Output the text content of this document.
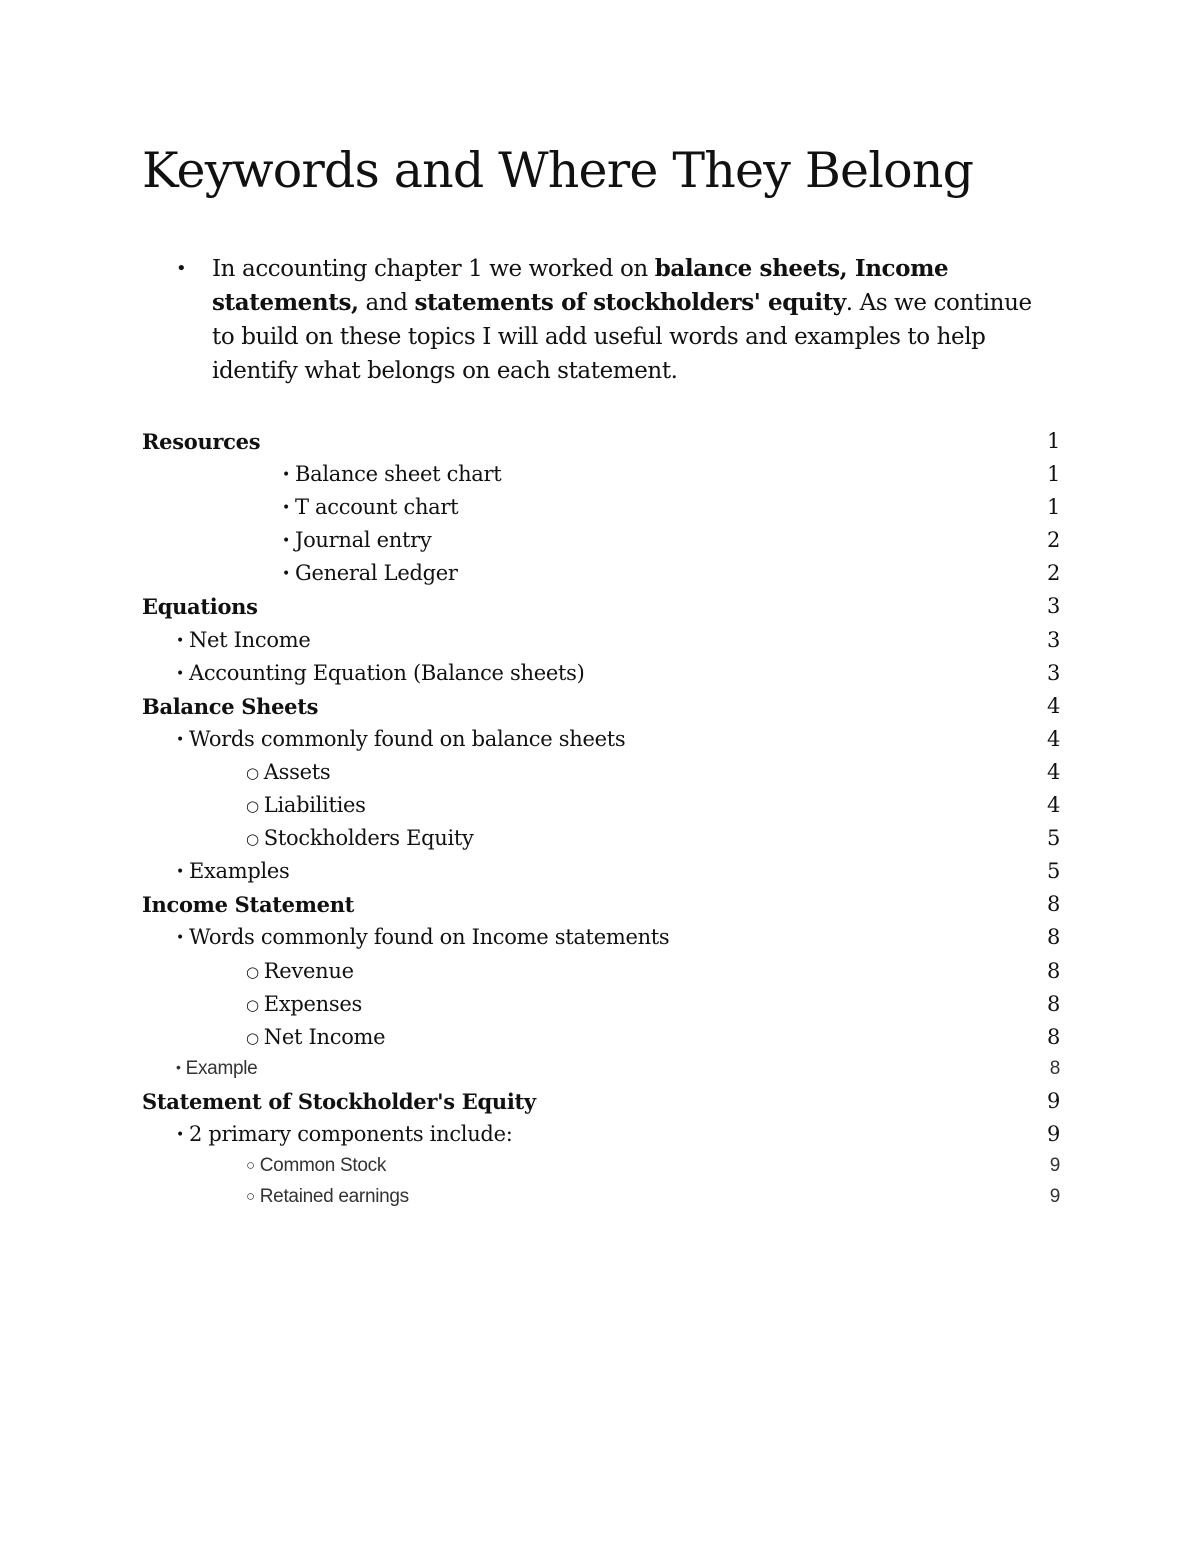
Keywords and Where They Belong
•	In accounting chapter 1 we worked on balance sheets, Income statements, and statements of stockholders' equity. As we continue to build on these topics I will add useful words and examples to help identify what belongs on each statement.

Resources	1
• Balance sheet chart	1
• T account chart	1
• Journal entry	2
• General Ledger	2
Equations	3
• Net Income	3
• Accounting Equation (Balance sheets)	3
Balance Sheets	4
• Words commonly found on balance sheets	4
○ Assets	4
○ Liabilities	4
○ Stockholders Equity	5
• Examples	5
Income Statement	8
• Words commonly found on Income statements	8
○ Revenue	8
○ Expenses	8
○ Net Income	8
• Example	8
Statement of Stockholder's Equity	9
• 2 primary components include:	9
○ Common Stock	9
○ Retained earnings	9
